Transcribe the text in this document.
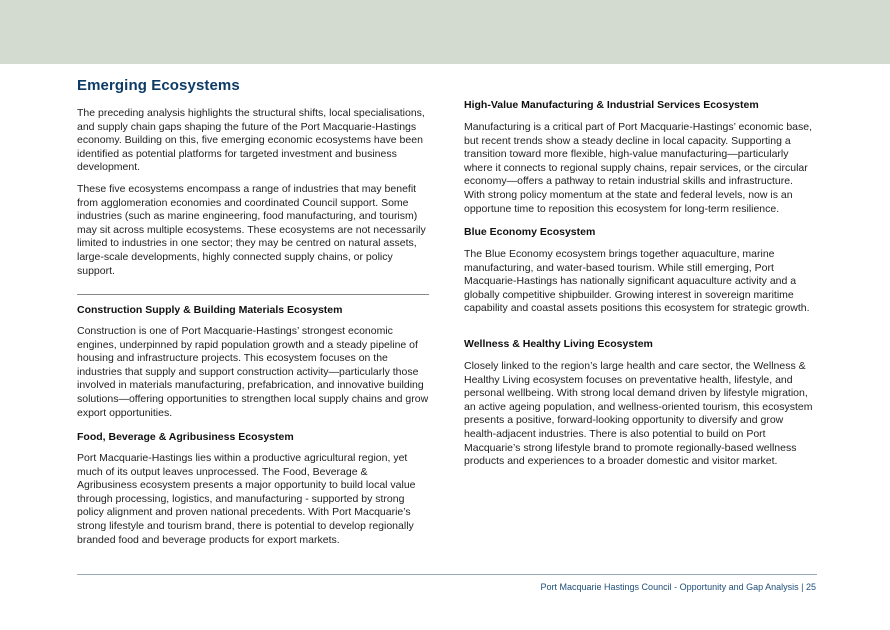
Emerging Ecosystems

The preceding analysis highlights the structural shifts, local specialisations, and supply chain gaps shaping the future of the Port Macquarie-Hastings economy. Building on this, five emerging economic ecosystems have been identified as potential platforms for targeted investment and business development.

These five ecosystems encompass a range of industries that may benefit from agglomeration economies and coordinated Council support. Some industries (such as marine engineering, food manufacturing, and tourism) may sit across multiple ecosystems. These ecosystems are not necessarily limited to industries in one sector; they may be centred on natural assets, large-scale developments, highly connected supply chains, or policy support.

Construction Supply & Building Materials Ecosystem

Construction is one of Port Macquarie-Hastings’ strongest economic engines, underpinned by rapid population growth and a steady pipeline of housing and infrastructure projects. This ecosystem focuses on the industries that supply and support construction activity—particularly those involved in materials manufacturing, prefabrication, and innovative building solutions—offering opportunities to strengthen local supply chains and grow export opportunities.

Food, Beverage & Agribusiness Ecosystem

Port Macquarie-Hastings lies within a productive agricultural region, yet much of its output leaves unprocessed. The Food, Beverage & Agribusiness ecosystem presents a major opportunity to build local value through processing, logistics, and manufacturing - supported by strong policy alignment and proven national precedents. With Port Macquarie’s strong lifestyle and tourism brand, there is potential to develop regionally branded food and beverage products for export markets.

High-Value Manufacturing & Industrial Services Ecosystem

Manufacturing is a critical part of Port Macquarie-Hastings’ economic base, but recent trends show a steady decline in local capacity. Supporting a transition toward more flexible, high-value manufacturing—particularly where it connects to regional supply chains, repair services, or the circular economy—offers a pathway to retain industrial skills and infrastructure. With strong policy momentum at the state and federal levels, now is an opportune time to reposition this ecosystem for long-term resilience.

Blue Economy Ecosystem

The Blue Economy ecosystem brings together aquaculture, marine manufacturing, and water-based tourism. While still emerging, Port Macquarie-Hastings has nationally significant aquaculture activity and a globally competitive shipbuilder. Growing interest in sovereign maritime capability and coastal assets positions this ecosystem for strategic growth.

Wellness & Healthy Living Ecosystem

Closely linked to the region’s large health and care sector, the Wellness & Healthy Living ecosystem focuses on preventative health, lifestyle, and personal wellbeing. With strong local demand driven by lifestyle migration, an active ageing population, and wellness-oriented tourism, this ecosystem presents a positive, forward-looking opportunity to diversify and grow health-adjacent industries. There is also potential to build on Port Macquarie’s strong lifestyle brand to promote regionally-based wellness products and experiences to a broader domestic and visitor market.

Port Macquarie Hastings Council - Opportunity and Gap Analysis | 25
